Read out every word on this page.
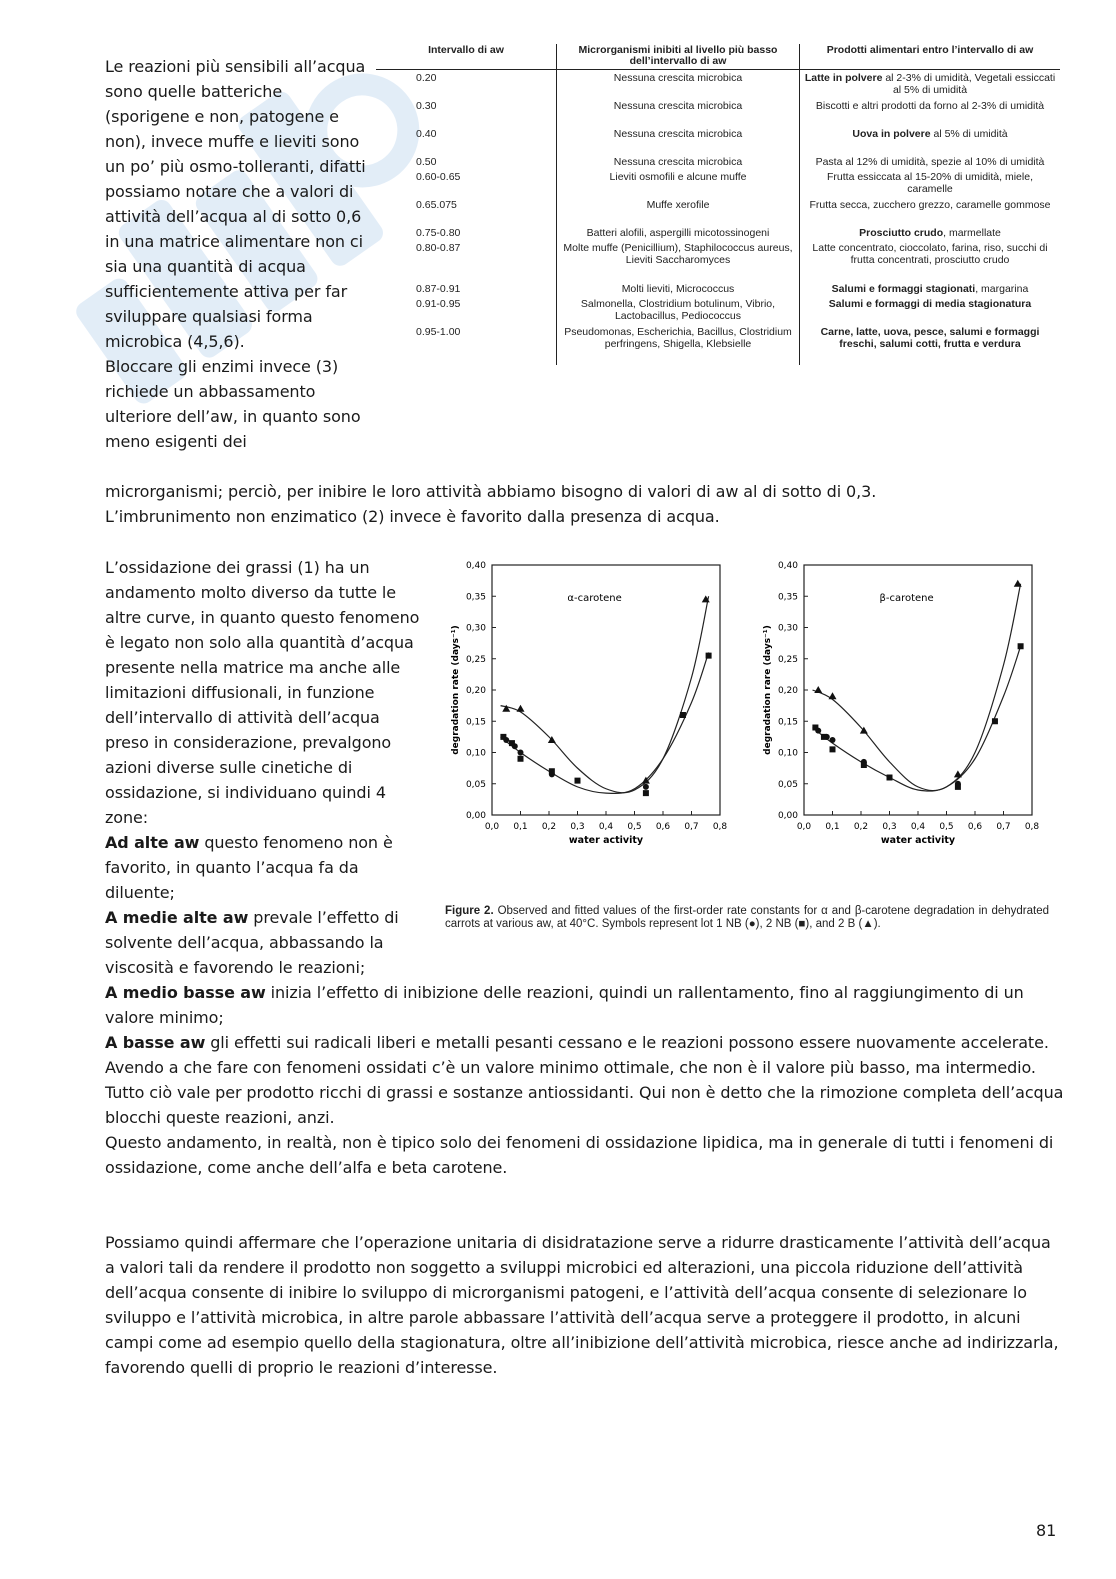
Le reazioni più sensibili all’acqua sono quelle batteriche (sporigene e non, patogene e non), invece muffe e lieviti sono un po’ più osmo-tolleranti, difatti possiamo notare che a valori di attività dell’acqua al di sotto 0,6 in una matrice alimentare non ci sia una quantità di acqua sufficientemente attiva per far sviluppare qualsiasi forma microbica (4,5,6).

Bloccare gli enzimi invece (3) richiede un abbassamento ulteriore dell’aw, in quanto sono meno esigenti dei

microrganismi; perciò, per inibire le loro attività abbiamo bisogno di valori di aw al di sotto di 0,3.

L’imbrunimento non enzimatico (2) invece è favorito dalla presenza di acqua.

Intervallo di aw	Microrganismi inibiti al livello più basso dell’intervallo di aw	Prodotti alimentari entro l’intervallo di aw
0.20	Nessuna crescita microbica	Latte in polvere al 2-3% di umidità, Vegetali essiccati al 5% di umidità
0.30	Nessuna crescita microbica	Biscotti e altri prodotti da forno al 2-3% di umidità
0.40	Nessuna crescita microbica	Uova in polvere al 5% di umidità
0.50	Nessuna crescita microbica	Pasta al 12% di umidità, spezie al 10% di umidità
0.60-0.65	Lieviti osmofili e alcune muffe	Frutta essiccata al 15-20% di umidità, miele, caramelle
0.65.075	Muffe xerofile	Frutta secca, zucchero grezzo, caramelle gommose
0.75-0.80	Batteri alofili, aspergilli micotossinogeni	Prosciutto crudo, marmellate
0.80-0.87	Molte muffe (Penicillium), Staphilococcus aureus, Lieviti Saccharomyces	Latte concentrato, cioccolato, farina, riso, succhi di frutta concentrati, prosciutto crudo
0.87-0.91	Molti lieviti, Micrococcus	Salumi e formaggi stagionati, margarina
0.91-0.95	Salmonella, Clostridium botulinum, Vibrio, Lactobacillus, Pediococcus	Salumi e formaggi di media stagionatura
0.95-1.00	Pseudomonas, Escherichia, Bacillus, Clostridium perfringens, Shigella, Klebsielle	Carne, latte, uova, pesce, salumi e formaggi freschi, salumi cotti, frutta e verdura

L’ossidazione dei grassi (1) ha un andamento molto diverso da tutte le altre curve, in quanto questo fenomeno è legato non solo alla quantità d’acqua presente nella matrice ma anche alle limitazioni diffusionali, in funzione dell’intervallo di attività dell’acqua preso in considerazione, prevalgono azioni diverse sulle cinetiche di ossidazione, si individuano quindi 4 zone:

Ad alte aw questo fenomeno non è favorito, in quanto l’acqua fa da diluente;

A medie alte aw prevale l’effetto di solvente dell’acqua, abbassando la viscosità e favorendo le reazioni;

A medio basse aw inizia l’effetto di inibizione delle reazioni, quindi un rallentamento, fino al raggiungimento di un valore minimo;

A basse aw gli effetti sui radicali liberi e metalli pesanti cessano e le reazioni possono essere nuovamente accelerate.

Avendo a che fare con fenomeni ossidati c’è un valore minimo ottimale, che non è il valore più basso, ma intermedio. Tutto ciò vale per prodotto ricchi di grassi e sostanze antiossidanti. Qui non è detto che la rimozione completa dell’acqua blocchi queste reazioni, anzi.

Questo andamento, in realtà, non è tipico solo dei fenomeni di ossidazione lipidica, ma in generale di tutti i fenomeni di ossidazione, come anche dell’alfa e beta carotene.

Possiamo quindi affermare che l’operazione unitaria di disidratazione serve a ridurre drasticamente l’attività dell’acqua a valori tali da rendere il prodotto non soggetto a sviluppi microbici ed alterazioni, una piccola riduzione dell’attività dell’acqua consente di inibire lo sviluppo di microrganismi patogeni, e l’attività dell’acqua consente di selezionare lo sviluppo e l’attività microbica, in altre parole abbassare l’attività dell’acqua serve a proteggere il prodotto, in alcuni campi come ad esempio quello della stagionatura, oltre all’inibizione dell’attività microbica, riesce anche ad indirizzarla, favorendo quelli di proprio le reazioni d’interesse.

0,00
0,05
0,10
0,15
0,20
0,25
0,30
0,35
0,40
0,0 0,1 0,2 0,3 0,4 0,5 0,6 0,7 0,8
water activity
degradation rate (days⁻¹)
α-carotene
0,00
0,05
0,10
0,15
0,20
0,25
0,30
0,35
0,40
0,0 0,1 0,2 0,3 0,4 0,5 0,6 0,7 0,8
water activity
degradation rare (days⁻¹)
β-carotene
Figure 2. Observed and fitted values of the first-order rate constants for α and β-carotene degradation in dehydrated carrots at various aw, at 40°C. Symbols represent lot 1 NB (●), 2 NB (■), and 2 B (▲).
81
